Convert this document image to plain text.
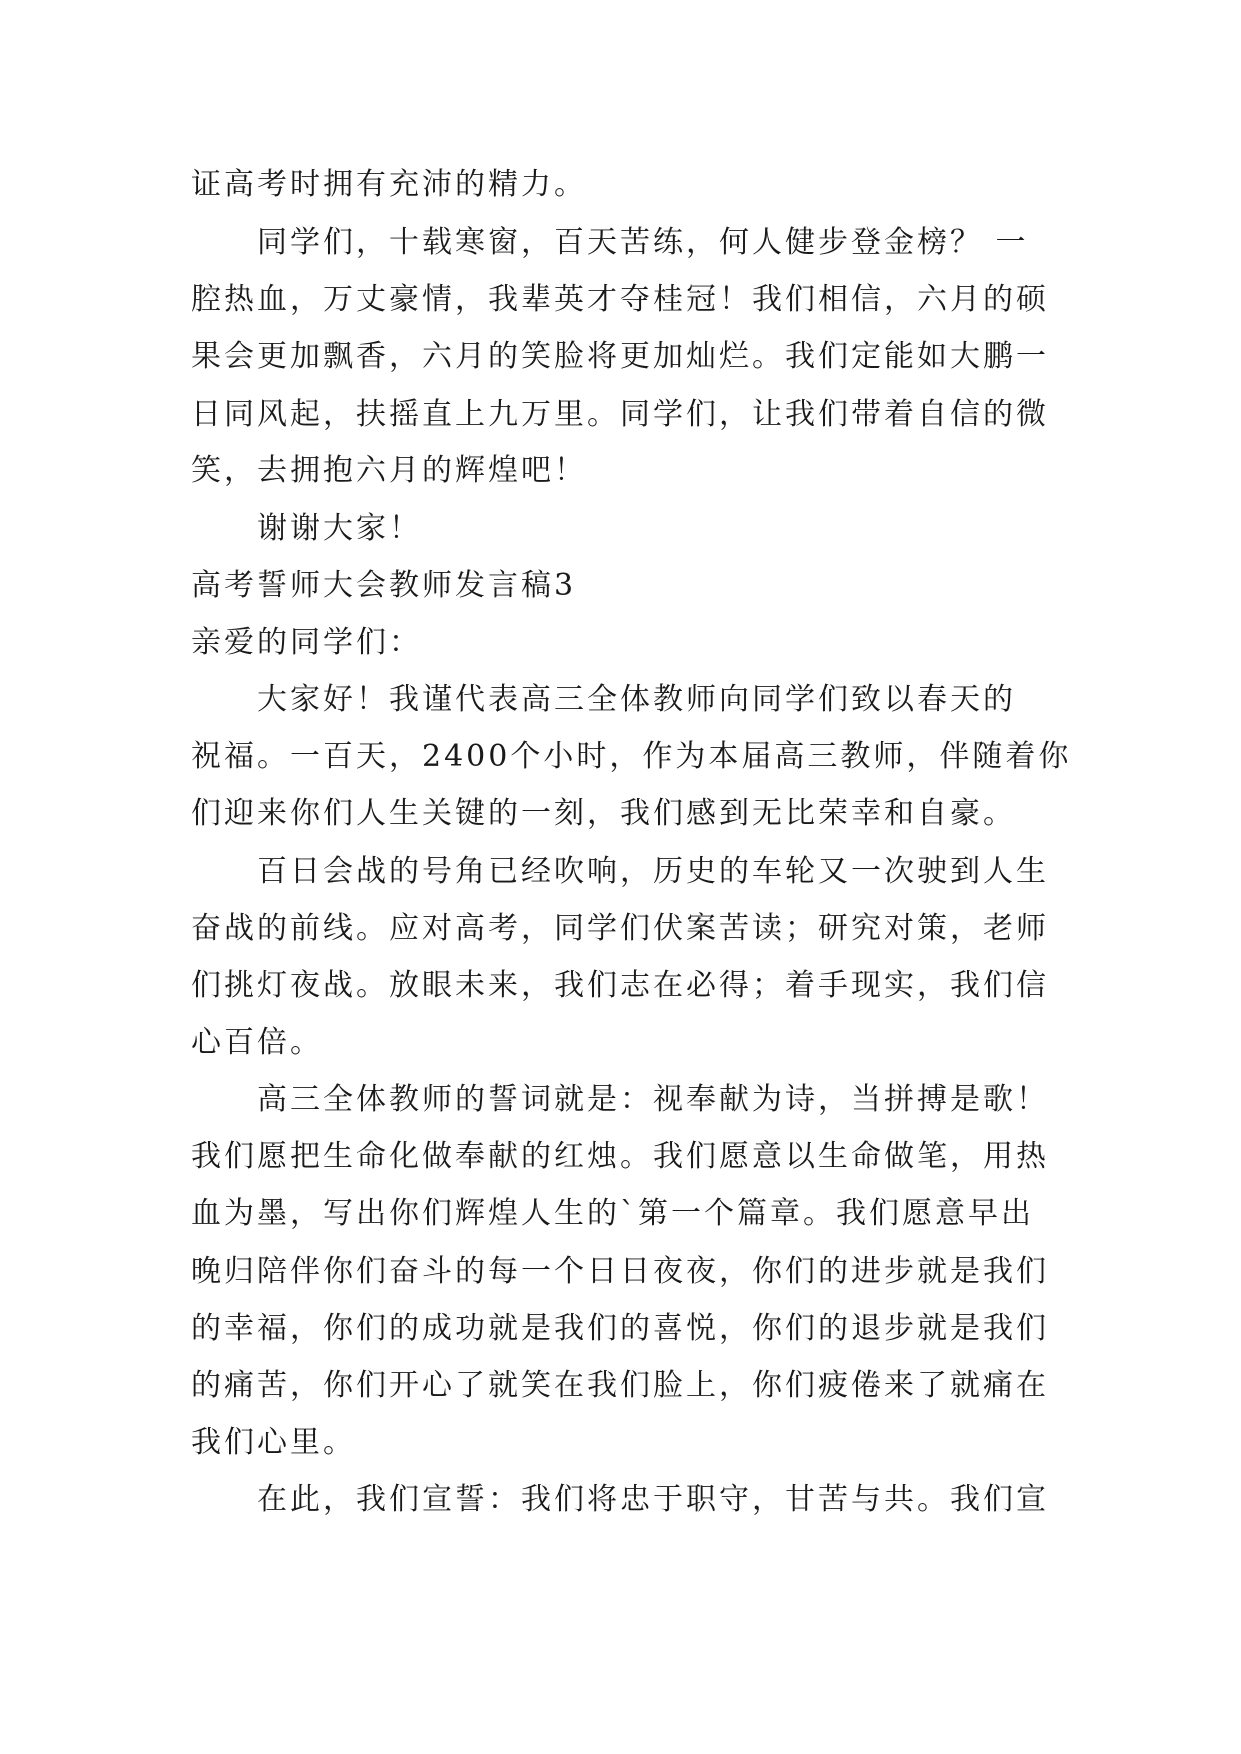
证高考时拥有充沛的精力。
同学们，十载寒窗，百天苦练，何人健步登金榜？ 一
腔热血，万丈豪情，我辈英才夺桂冠！我们相信，六月的硕
果会更加飘香，六月的笑脸将更加灿烂。我们定能如大鹏一
日同风起，扶摇直上九万里。同学们，让我们带着自信的微
笑，去拥抱六月的辉煌吧！
谢谢大家！
高考誓师大会教师发言稿3
亲爱的同学们：
大家好！我谨代表高三全体教师向同学们致以春天的
祝福。一百天，2400个小时，作为本届高三教师，伴随着你
们迎来你们人生关键的一刻，我们感到无比荣幸和自豪。
百日会战的号角已经吹响，历史的车轮又一次驶到人生
奋战的前线。应对高考，同学们伏案苦读；研究对策，老师
们挑灯夜战。放眼未来，我们志在必得；着手现实，我们信
心百倍。
高三全体教师的誓词就是：视奉献为诗，当拼搏是歌！
我们愿把生命化做奉献的红烛。我们愿意以生命做笔，用热
血为墨，写出你们辉煌人生的`第一个篇章。我们愿意早出
晚归陪伴你们奋斗的每一个日日夜夜，你们的进步就是我们
的幸福，你们的成功就是我们的喜悦，你们的退步就是我们
的痛苦，你们开心了就笑在我们脸上，你们疲倦来了就痛在
我们心里。
在此，我们宣誓：我们将忠于职守，甘苦与共。我们宣
